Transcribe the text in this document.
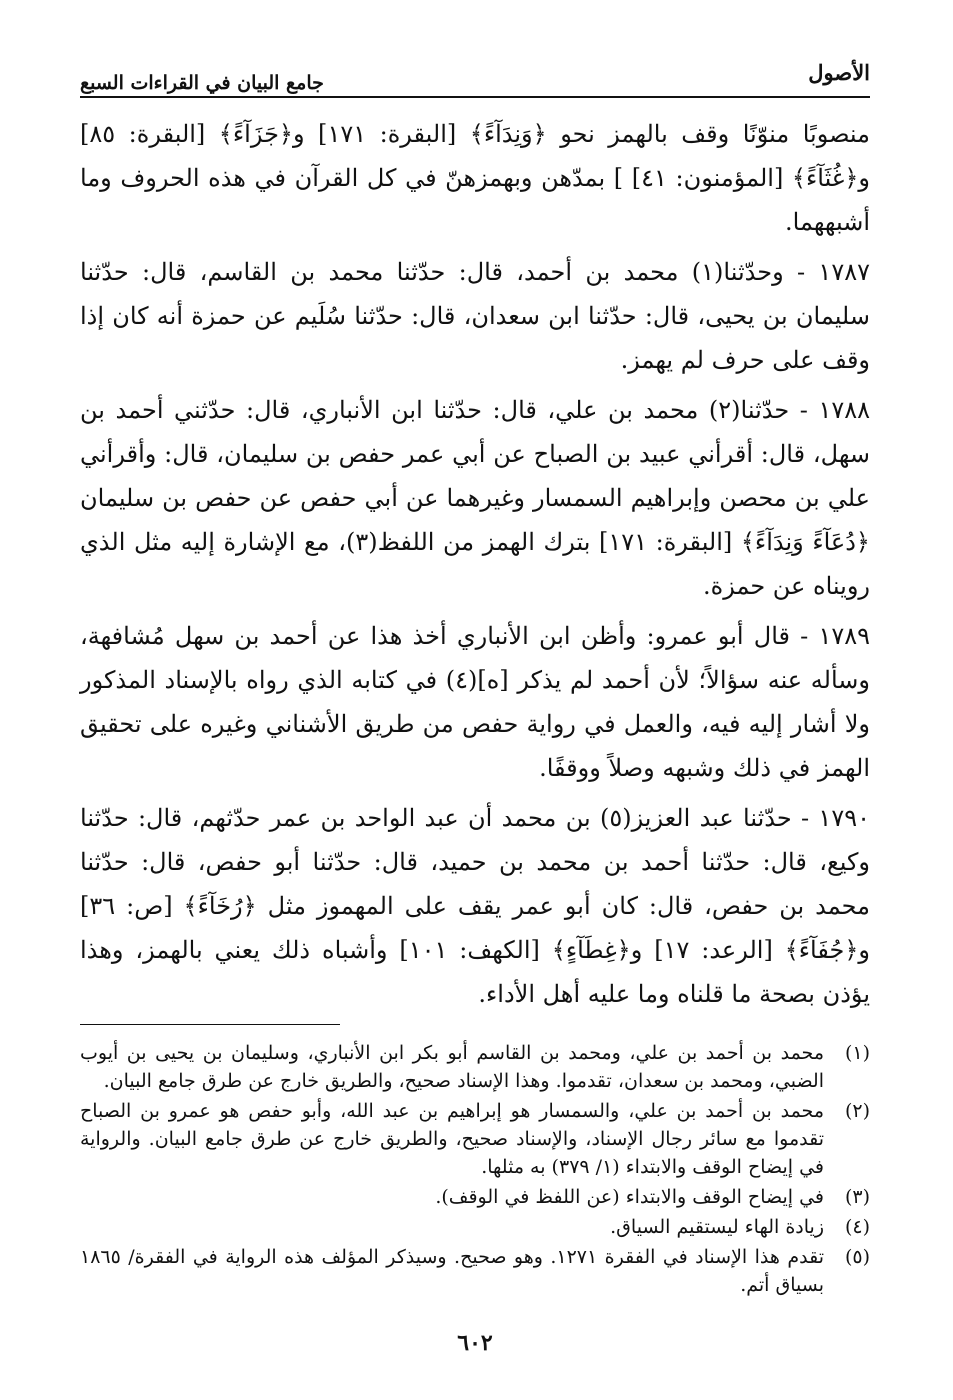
الأصول
جامع البيان في القراءات السبع

منصوبًا منوّنًا وقف بالهمز نحو ﴿وَنِدَآءً﴾ [البقرة: ١٧١] و﴿جَزَآءً﴾ [البقرة: ٨٥] و﴿غُثَآءً﴾ [المؤمنون: ٤١] ] بمدّهن وبهمزهنّ في كل القرآن في هذه الحروف وما أشبههما.

١٧٨٧ - وحدّثنا(١) محمد بن أحمد، قال: حدّثنا محمد بن القاسم، قال: حدّثنا سليمان بن يحيى، قال: حدّثنا ابن سعدان، قال: حدّثنا سُلَيم عن حمزة أنه كان إذا وقف على حرف لم يهمز.

١٧٨٨ - حدّثنا(٢) محمد بن علي، قال: حدّثنا ابن الأنباري، قال: حدّثني أحمد بن سهل، قال: أقرأني عبيد بن الصباح عن أبي عمر حفص بن سليمان، قال: وأقرأني علي بن محصن وإبراهيم السمسار وغيرهما عن أبي حفص عن حفص بن سليمان ﴿دُعَآءً وَنِدَآءً﴾ [البقرة: ١٧١] بترك الهمز من اللفظ(٣)، مع الإشارة إليه مثل الذي رويناه عن حمزة.

١٧٨٩ - قال أبو عمرو: وأظن ابن الأنباري أخذ هذا عن أحمد بن سهل مُشافهة، وسأله عنه سؤالاً؛ لأن أحمد لم يذكر [ه](٤) في كتابه الذي رواه بالإسناد المذكور ولا أشار إليه فيه، والعمل في رواية حفص من طريق الأشناني وغيره على تحقيق الهمز في ذلك وشبهه وصلاً ووقفًا.

١٧٩٠ - حدّثنا عبد العزيز(٥) بن محمد أن عبد الواحد بن عمر حدّثهم، قال: حدّثنا وكيع، قال: حدّثنا أحمد بن محمد بن حميد، قال: حدّثنا أبو حفص، قال: حدّثنا محمد بن حفص، قال: كان أبو عمر يقف على المهموز مثل ﴿رُخَآءً﴾ [ص: ٣٦] و﴿جُفَآءً﴾ [الرعد: ١٧] و﴿غِطَآءٍ﴾ [الكهف: ١٠١] وأشباه ذلك يعني بالهمز، وهذا يؤذن بصحة ما قلناه وما عليه أهل الأداء.

(١)
محمد بن أحمد بن علي، ومحمد بن القاسم أبو بكر ابن الأنباري، وسليمان بن يحيى بن أيوب الضبي، ومحمد بن سعدان، تقدموا. وهذا الإسناد صحيح، والطريق خارج عن طرق جامع البيان.
(٢)
محمد بن أحمد بن علي، والسمسار هو إبراهيم بن عبد الله، وأبو حفص هو عمرو بن الصباح تقدموا مع سائر رجال الإسناد، والإسناد صحيح، والطريق خارج عن طرق جامع البيان. والرواية في إيضاح الوقف والابتداء (١/ ٣٧٩) به مثلها.
(٣)
في إيضاح الوقف والابتداء (عن اللفظ في الوقف).
(٤)
زيادة الهاء ليستقيم السياق.
(٥)
تقدم هذا الإسناد في الفقرة ١٢٧١. وهو صحيح. وسيذكر المؤلف هذه الرواية في الفقرة/ ١٨٦٥ بسياق أتم.
٦٠٢
